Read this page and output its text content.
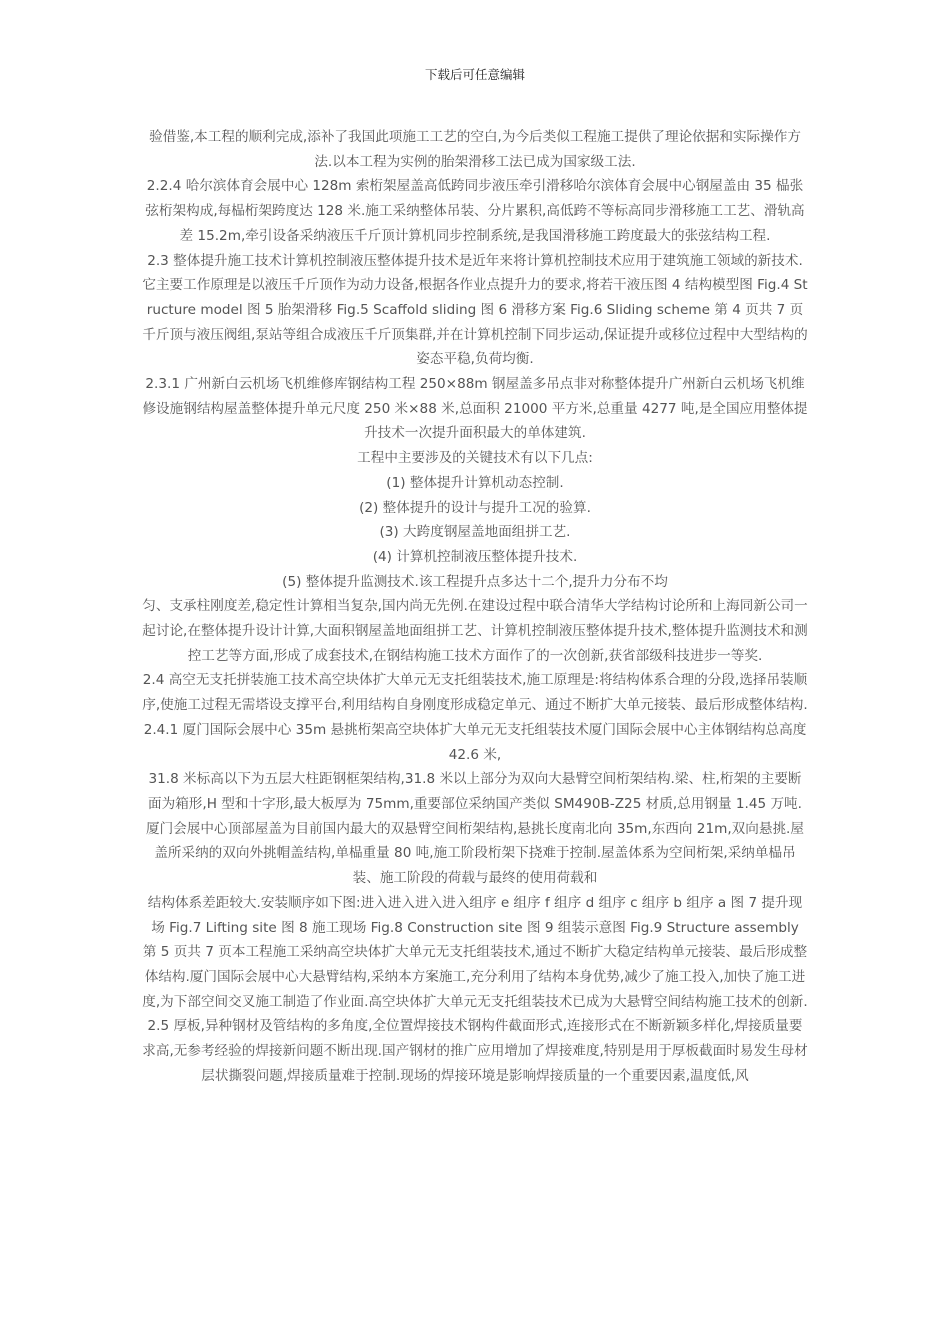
下载后可任意编辑

验借鉴,本工程的顺利完成,添补了我国此项施工工艺的空白,为今后类似工程施工提供了理论依据和实际操作方法.以本工程为实例的胎架滑移工法已成为国家级工法.

2.2.4 哈尔滨体育会展中心 128m 索桁架屋盖高低跨同步液压牵引滑移哈尔滨体育会展中心钢屋盖由 35 榀张弦桁架构成,每榀桁架跨度达 128 米.施工采纳整体吊装、分片累积,高低跨不等标高同步滑移施工工艺、滑轨高差 15.2m,牵引设备采纳液压千斤顶计算机同步控制系统,是我国滑移施工跨度最大的张弦结构工程.

2.3 整体提升施工技术计算机控制液压整体提升技术是近年来将计算机控制技术应用于建筑施工领域的新技术.它主要工作原理是以液压千斤顶作为动力设备,根据各作业点提升力的要求,将若干液压图 4 结构模型图 Fig.4 Structure model 图 5 胎架滑移 Fig.5 Scaffold sliding 图 6 滑移方案 Fig.6 Sliding scheme 第 4 页共 7 页千斤顶与液压阀组,泵站等组合成液压千斤顶集群,并在计算机控制下同步运动,保证提升或移位过程中大型结构的姿态平稳,负荷均衡.

2.3.1 广州新白云机场飞机维修库钢结构工程 250×88m 钢屋盖多吊点非对称整体提升广州新白云机场飞机维修设施钢结构屋盖整体提升单元尺度 250 米×88 米,总面积 21000 平方米,总重量 4277 吨,是全国应用整体提升技术一次提升面积最大的单体建筑.

工程中主要涉及的关键技术有以下几点:

(1) 整体提升计算机动态控制.

(2) 整体提升的设计与提升工况的验算.

(3) 大跨度钢屋盖地面组拼工艺.

(4) 计算机控制液压整体提升技术.

(5) 整体提升监测技术.该工程提升点多达十二个,提升力分布不均

匀、支承柱刚度差,稳定性计算相当复杂,国内尚无先例.在建设过程中联合清华大学结构讨论所和上海同新公司一起讨论,在整体提升设计计算,大面积钢屋盖地面组拼工艺、计算机控制液压整体提升技术,整体提升监测技术和测控工艺等方面,形成了成套技术,在钢结构施工技术方面作了的一次创新,获省部级科技进步一等奖.

2.4 高空无支托拼装施工技术高空块体扩大单元无支托组装技术,施工原理是:将结构体系合理的分段,选择吊装顺序,使施工过程无需塔设支撑平台,利用结构自身刚度形成稳定单元、通过不断扩大单元接装、最后形成整体结构.

2.4.1 厦门国际会展中心 35m 悬挑桁架高空块体扩大单元无支托组装技术厦门国际会展中心主体钢结构总高度 42.6 米,

31.8 米标高以下为五层大柱距钢框架结构,31.8 米以上部分为双向大悬臂空间桁架结构.梁、柱,桁架的主要断面为箱形,H 型和十字形,最大板厚为 75mm,重要部位采纳国产类似 SM490B-Z25 材质,总用钢量 1.45 万吨.厦门会展中心顶部屋盖为目前国内最大的双悬臂空间桁架结构,悬挑长度南北向 35m,东西向 21m,双向悬挑.屋盖所采纳的双向外挑帽盖结构,单榀重量 80 吨,施工阶段桁架下挠难于控制.屋盖体系为空间桁架,采纳单榀吊装、施工阶段的荷载与最终的使用荷载和

结构体系差距较大.安装顺序如下图:进入进入进入进入组序 e 组序 f 组序 d 组序 c 组序 b 组序 a 图 7 提升现场 Fig.7 Lifting site 图 8 施工现场 Fig.8 Construction site 图 9 组装示意图 Fig.9 Structure assembly

第 5 页共 7 页本工程施工采纳高空块体扩大单元无支托组装技术,通过不断扩大稳定结构单元接装、最后形成整体结构.厦门国际会展中心大悬臂结构,采纳本方案施工,充分利用了结构本身优势,减少了施工投入,加快了施工进度,为下部空间交叉施工制造了作业面.高空块体扩大单元无支托组装技术已成为大悬臂空间结构施工技术的创新.

2.5 厚板,异种钢材及管结构的多角度,全位置焊接技术钢构件截面形式,连接形式在不断新颖多样化,焊接质量要求高,无参考经验的焊接新问题不断出现.国产钢材的推广应用增加了焊接难度,特别是用于厚板截面时易发生母材层状撕裂问题,焊接质量难于控制.现场的焊接环境是影响焊接质量的一个重要因素,温度低,风
